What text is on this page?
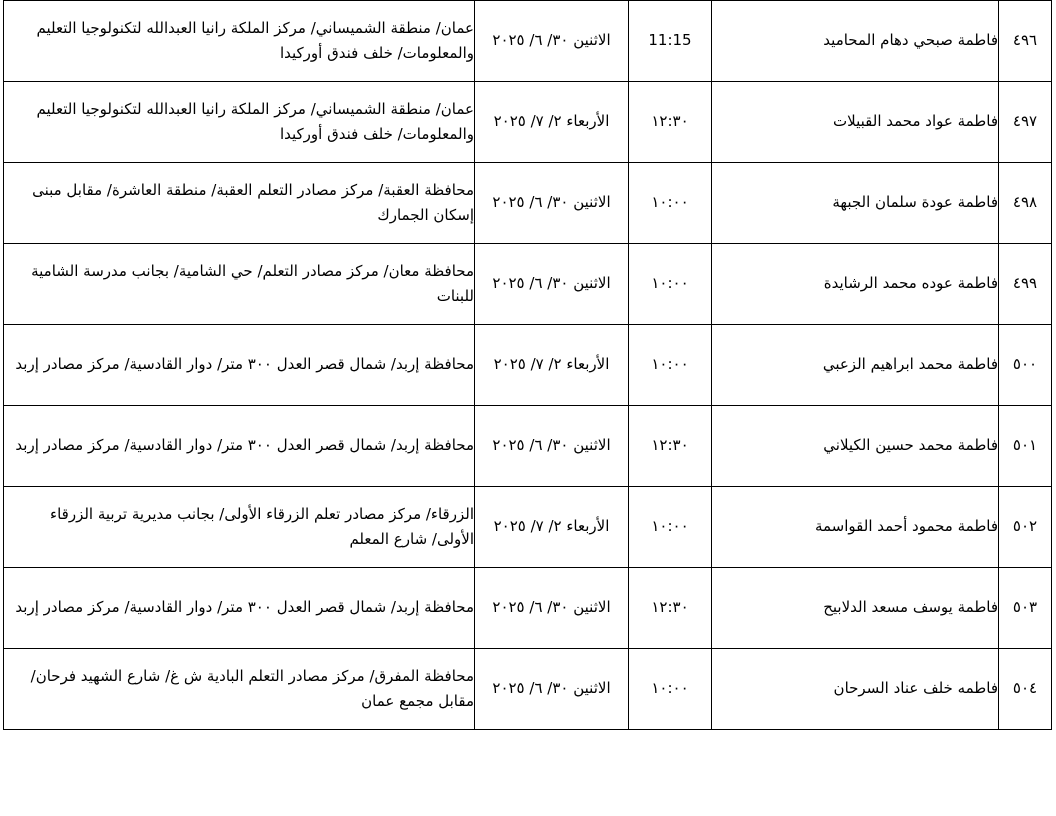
٤٩٦	فاطمة صبحي دهام المحاميد	11:15	الاثنين ٣٠/ ٦/ ٢٠٢٥	عمان/ منطقة الشميساني/ مركز الملكة رانيا العبدالله لتكنولوجيا التعليم والمعلومات/ خلف فندق أوركيدا
٤٩٧	فاطمة عواد محمد القبيلات	١٢:٣٠	الأربعاء ٢/ ٧/ ٢٠٢٥	عمان/ منطقة الشميساني/ مركز الملكة رانيا العبدالله لتكنولوجيا التعليم والمعلومات/ خلف فندق أوركيدا
٤٩٨	فاطمة عودة سلمان الجبهة	١٠:٠٠	الاثنين ٣٠/ ٦/ ٢٠٢٥	محافظة العقبة/ مركز مصادر التعلم العقبة/ منطقة العاشرة/ مقابل مبنى إسكان الجمارك
٤٩٩	فاطمة عوده محمد الرشايدة	١٠:٠٠	الاثنين ٣٠/ ٦/ ٢٠٢٥	محافظة معان/ مركز مصادر التعلم/ حي الشامية/ بجانب مدرسة الشامية للبنات
٥٠٠	فاطمة محمد ابراهيم الزعبي	١٠:٠٠	الأربعاء ٢/ ٧/ ٢٠٢٥	محافظة إربد/ شمال قصر العدل ٣٠٠ متر/ دوار القادسية/ مركز مصادر إربد
٥٠١	فاطمة محمد حسين الكيلاني	١٢:٣٠	الاثنين ٣٠/ ٦/ ٢٠٢٥	محافظة إربد/ شمال قصر العدل ٣٠٠ متر/ دوار القادسية/ مركز مصادر إربد
٥٠٢	فاطمة محمود أحمد القواسمة	١٠:٠٠	الأربعاء ٢/ ٧/ ٢٠٢٥	الزرقاء/ مركز مصادر تعلم الزرقاء الأولى/ بجانب مديرية تربية الزرقاء الأولى/ شارع المعلم
٥٠٣	فاطمة يوسف مسعد الدلابيح	١٢:٣٠	الاثنين ٣٠/ ٦/ ٢٠٢٥	محافظة إربد/ شمال قصر العدل ٣٠٠ متر/ دوار القادسية/ مركز مصادر إربد
٥٠٤	فاطمه خلف عناد السرحان	١٠:٠٠	الاثنين ٣٠/ ٦/ ٢٠٢٥	محافظة المفرق/ مركز مصادر التعلم البادية ش غ/ شارع الشهيد فرحان/ مقابل مجمع عمان
